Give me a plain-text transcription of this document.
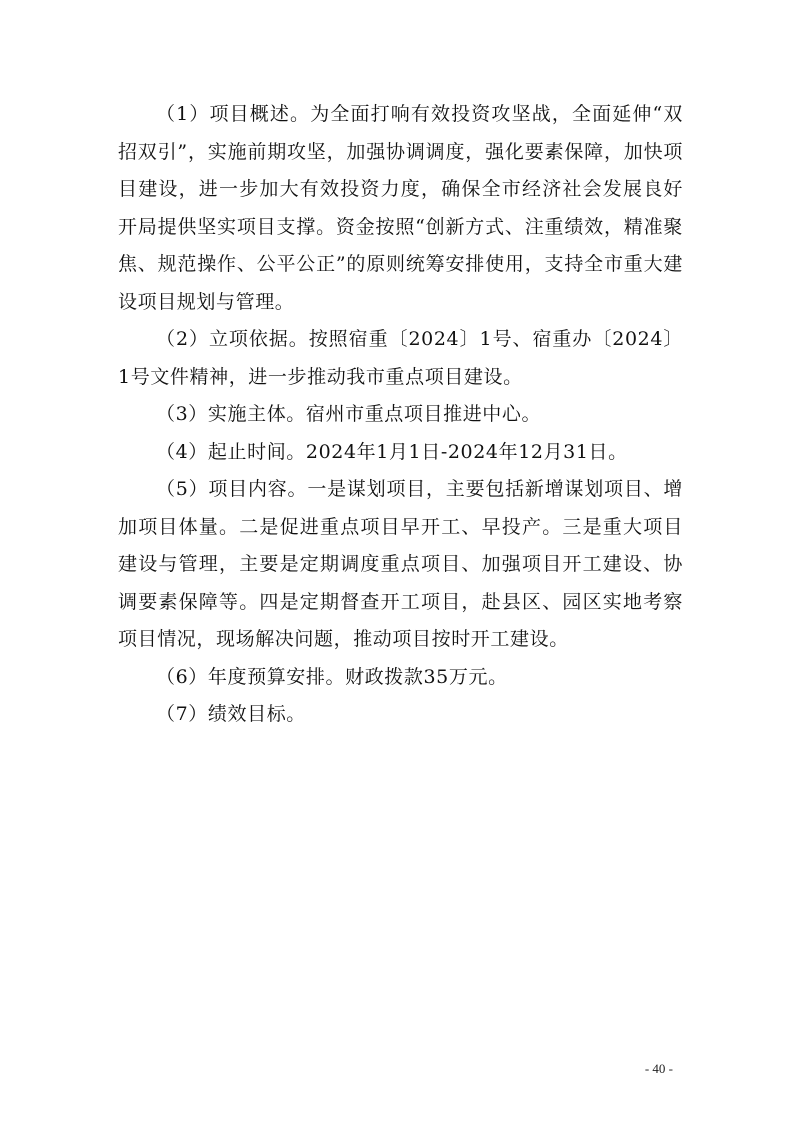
（1）项目概述。为全面打响有效投资攻坚战，全面延伸“双招双引”，实施前期攻坚，加强协调调度，强化要素保障，加快项目建设，进一步加大有效投资力度，确保全市经济社会发展良好开局提供坚实项目支撑。资金按照“创新方式、注重绩效，精准聚焦、规范操作、公平公正”的原则统筹安排使用，支持全市重大建设项目规划与管理。

（2）立项依据。按照宿重〔2024〕1号、宿重办〔2024〕1号文件精神，进一步推动我市重点项目建设。

（3）实施主体。宿州市重点项目推进中心。

（4）起止时间。2024年1月1日-2024年12月31日。

（5）项目内容。一是谋划项目，主要包括新增谋划项目、增加项目体量。二是促进重点项目早开工、早投产。三是重大项目建设与管理，主要是定期调度重点项目、加强项目开工建设、协调要素保障等。四是定期督查开工项目，赴县区、园区实地考察项目情况，现场解决问题，推动项目按时开工建设。

（6）年度预算安排。财政拨款35万元。

（7）绩效目标。

- 40 -
